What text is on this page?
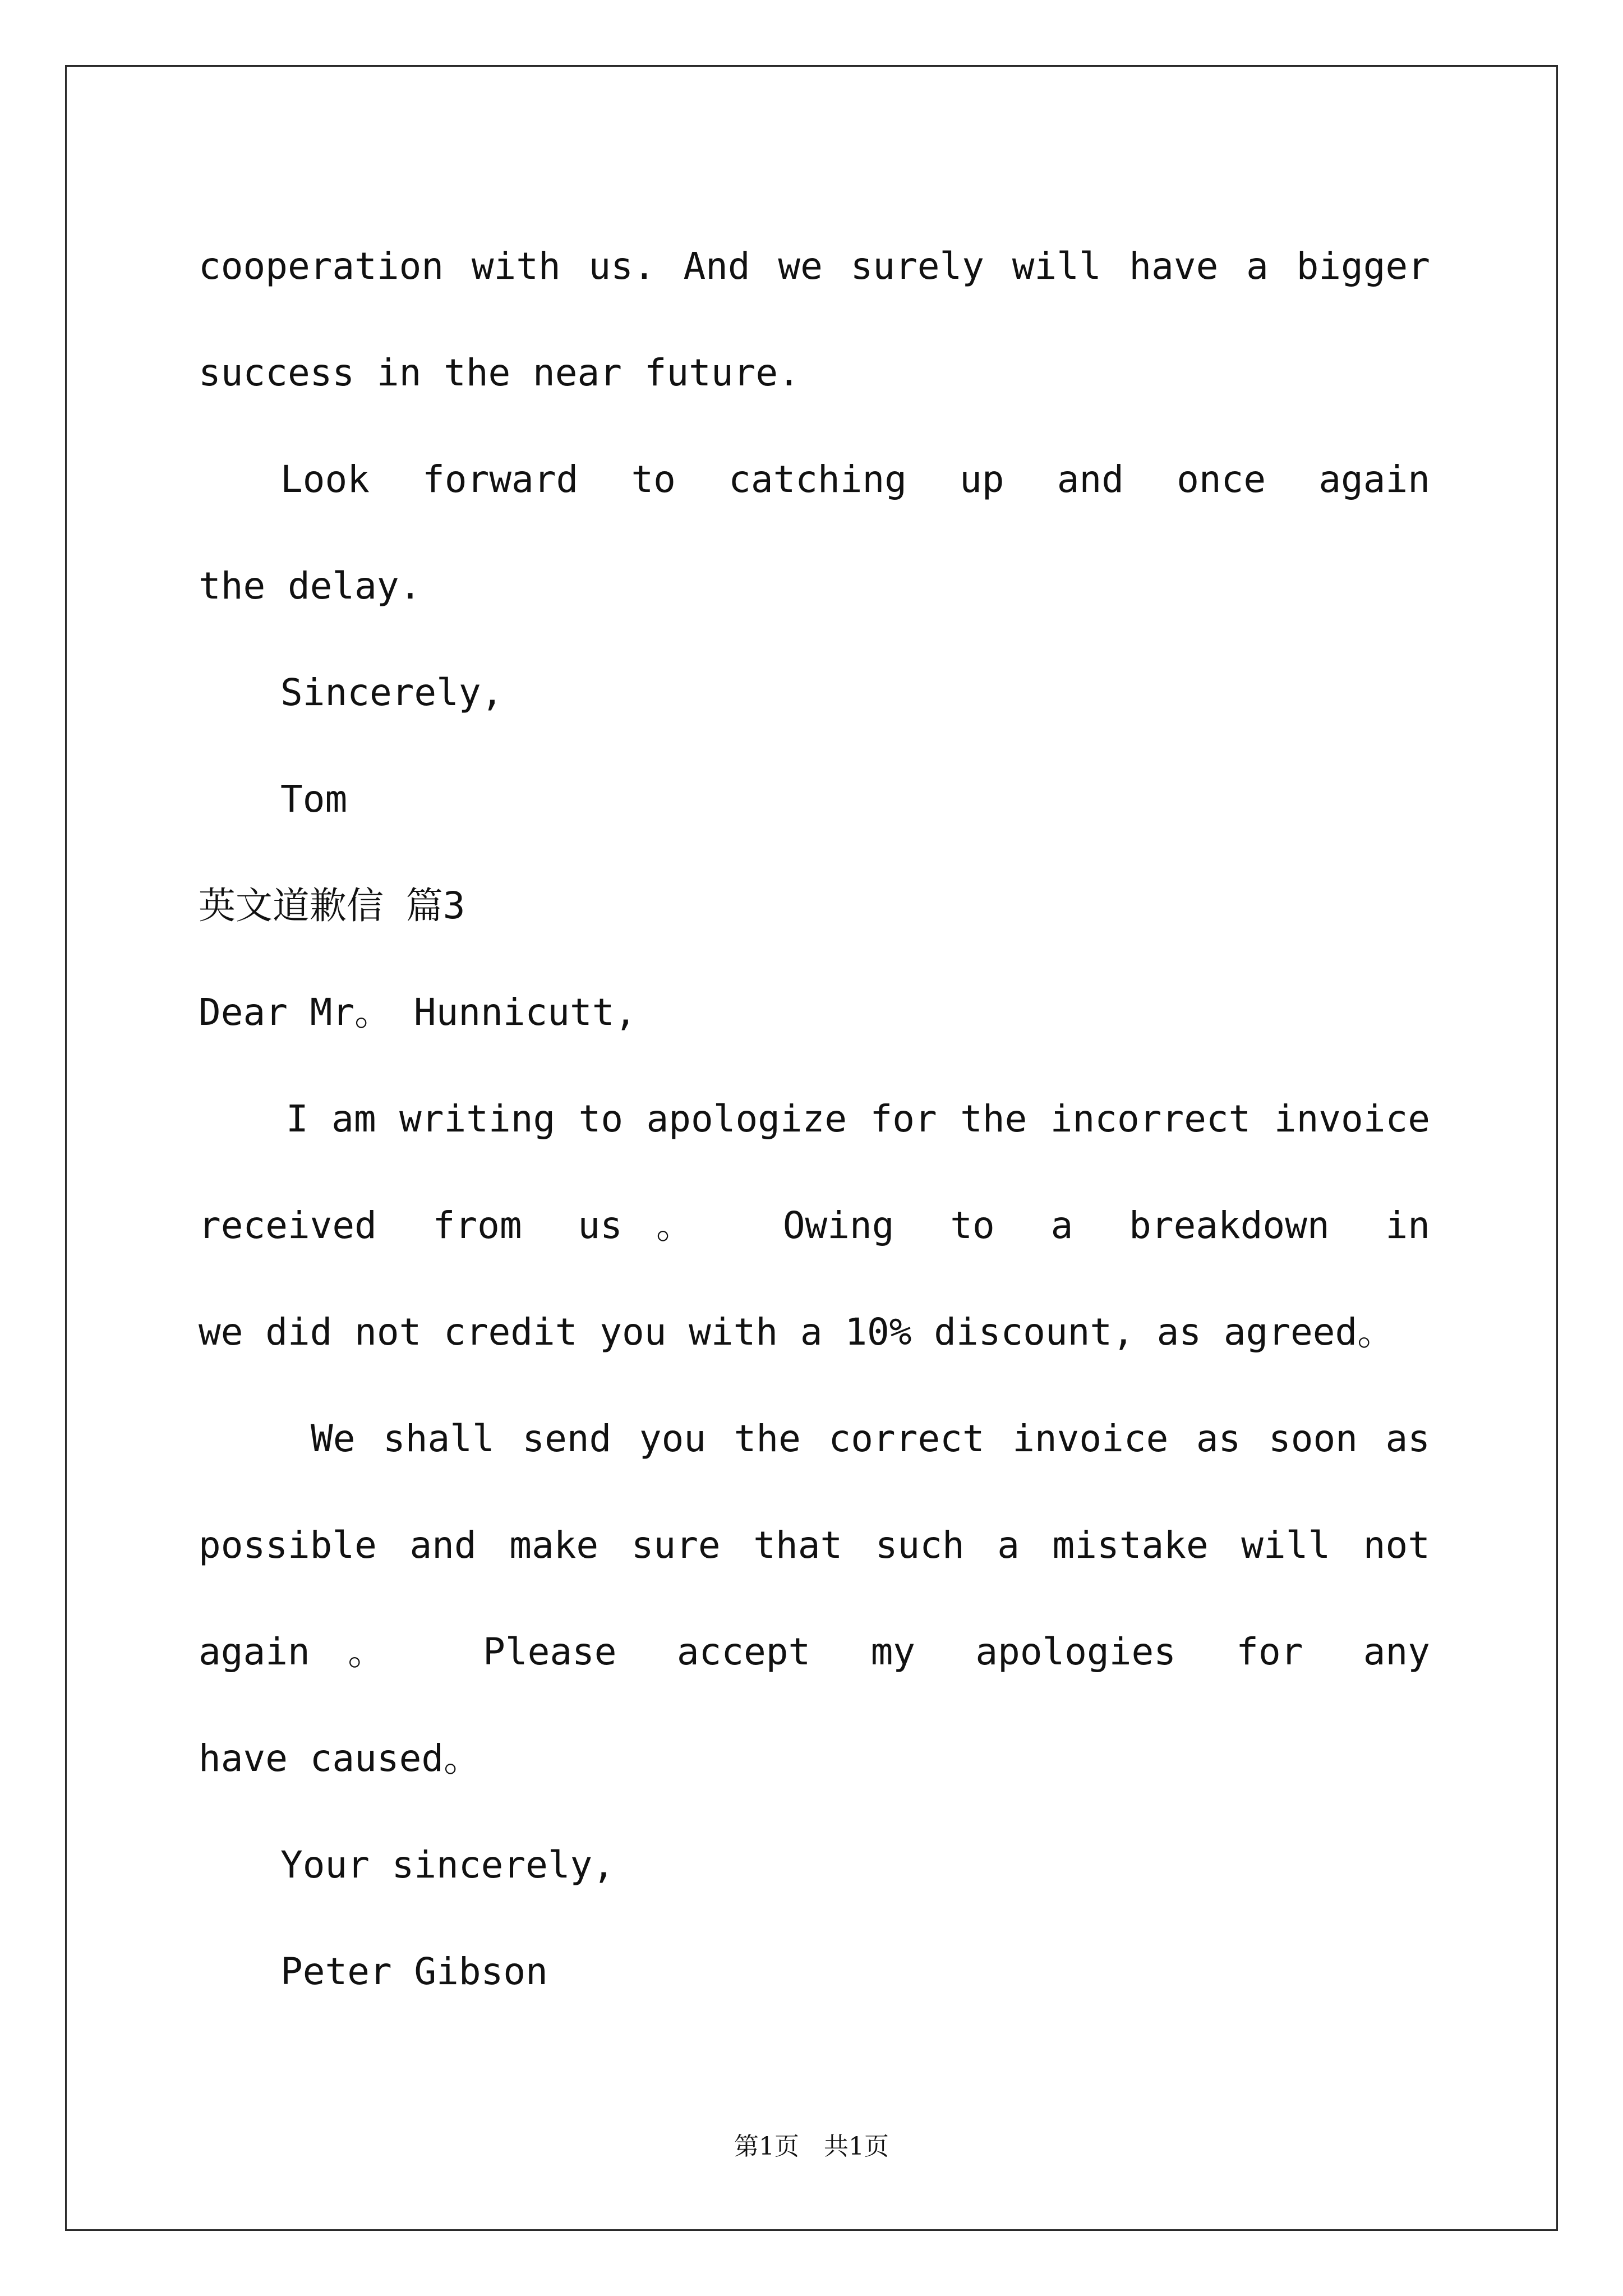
cooperation with us. And we surely will have a bigger
success in the near future.
Look forward to catching up and once again
the delay.
Sincerely,
Tom
英文道歉信 篇3
Dear Mr。 Hunnicutt,
I am writing to apologize for the incorrect invoice
received from us。 Owing to a breakdown in
we did not credit you with a 10% discount, as agreed。
We shall send you the correct invoice as soon as
possible and make sure that such a mistake will not
again。 Please accept my apologies for any
have caused。
Your sincerely,
Peter Gibson
第1页　共1页
